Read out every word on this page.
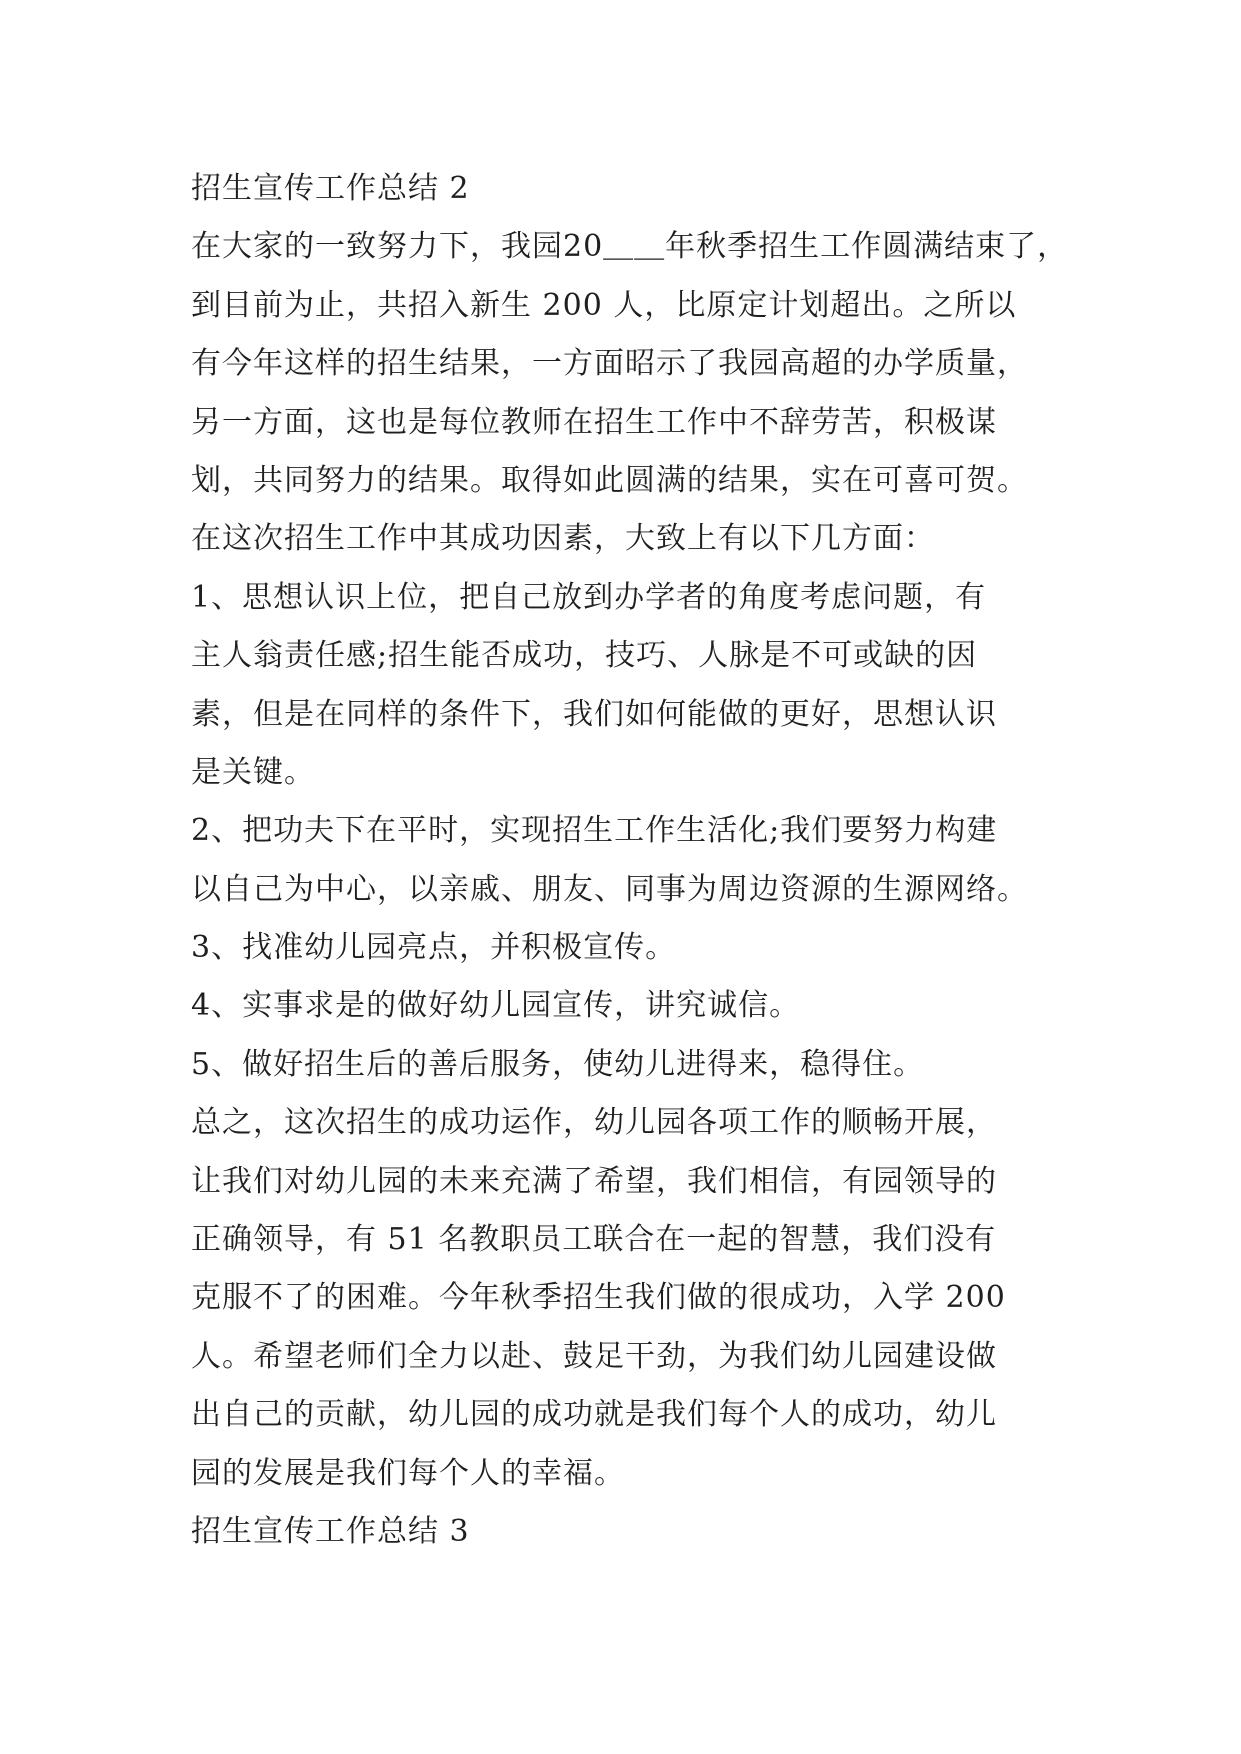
招生宣传工作总结 2
在大家的一致努力下，我园20＿＿年秋季招生工作圆满结束了，
到目前为止，共招入新生 200 人，比原定计划超出。之所以
有今年这样的招生结果，一方面昭示了我园高超的办学质量，
另一方面，这也是每位教师在招生工作中不辞劳苦，积极谋
划，共同努力的结果。取得如此圆满的结果，实在可喜可贺。
在这次招生工作中其成功因素，大致上有以下几方面：
1、思想认识上位，把自己放到办学者的角度考虑问题，有
主人翁责任感;招生能否成功，技巧、人脉是不可或缺的因
素，但是在同样的条件下，我们如何能做的更好，思想认识
是关键。
2、把功夫下在平时，实现招生工作生活化;我们要努力构建
以自己为中心，以亲戚、朋友、同事为周边资源的生源网络。
3、找准幼儿园亮点，并积极宣传。
4、实事求是的做好幼儿园宣传，讲究诚信。
5、做好招生后的善后服务，使幼儿进得来，稳得住。
总之，这次招生的成功运作，幼儿园各项工作的顺畅开展，
让我们对幼儿园的未来充满了希望，我们相信，有园领导的
正确领导，有 51 名教职员工联合在一起的智慧，我们没有
克服不了的困难。今年秋季招生我们做的很成功，入学 200
人。希望老师们全力以赴、鼓足干劲，为我们幼儿园建设做
出自己的贡献，幼儿园的成功就是我们每个人的成功，幼儿
园的发展是我们每个人的幸福。
招生宣传工作总结 3
